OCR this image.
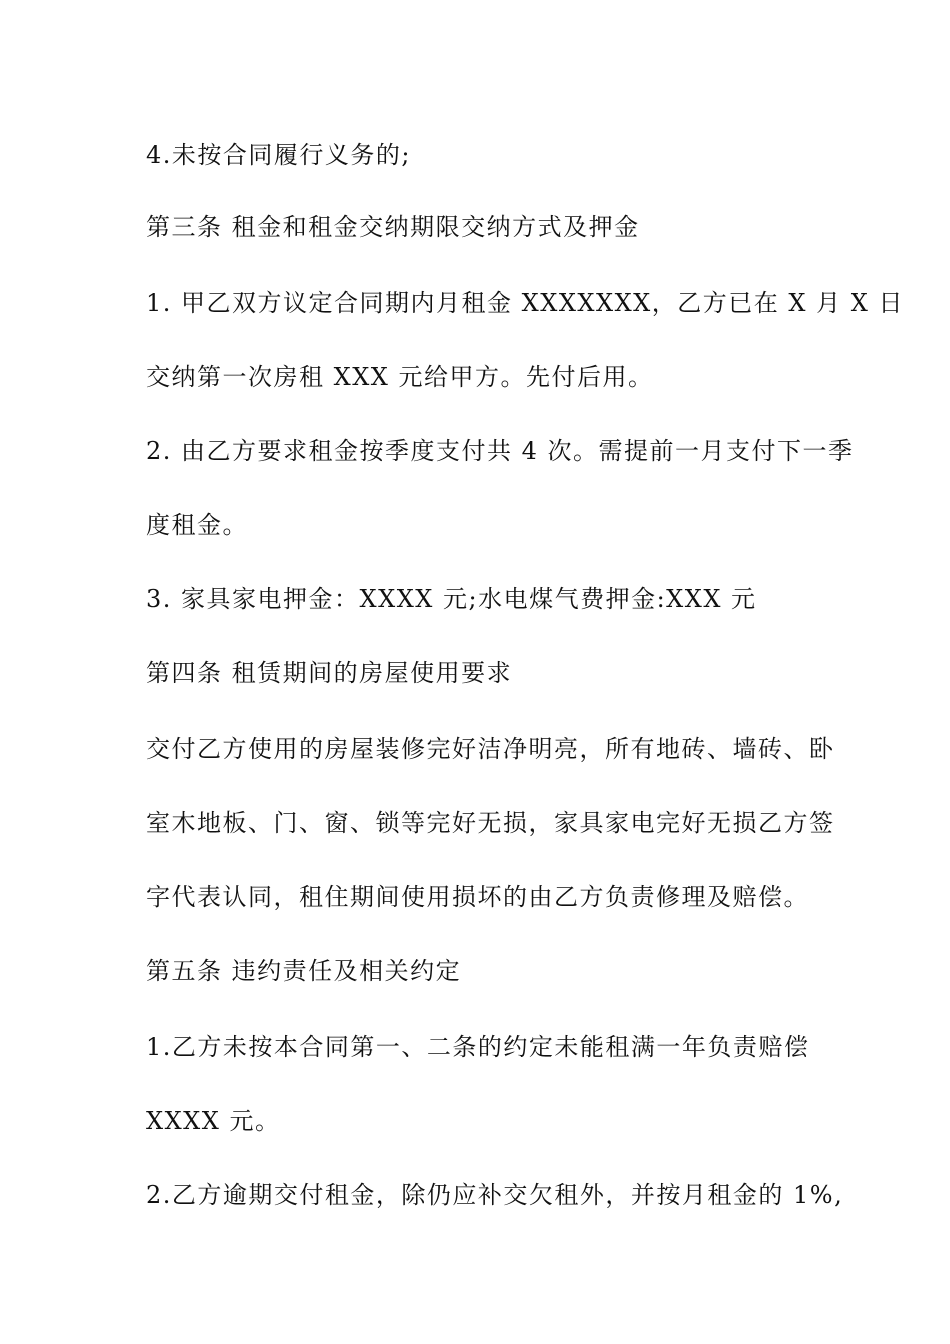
4.未按合同履行义务的;
第三条 租金和租金交纳期限交纳方式及押金
1. 甲乙双方议定合同期内月租金 XXXXXXX，乙方已在 X 月 X 日
交纳第一次房租 XXX 元给甲方。先付后用。
2. 由乙方要求租金按季度支付共 4 次。需提前一月支付下一季
度租金。
3. 家具家电押金：XXXX 元;水电煤气费押金:XXX 元
第四条 租赁期间的房屋使用要求
交付乙方使用的房屋装修完好洁净明亮，所有地砖、墙砖、卧
室木地板、门、窗、锁等完好无损，家具家电完好无损乙方签
字代表认同，租住期间使用损坏的由乙方负责修理及赔偿。
第五条 违约责任及相关约定
1.乙方未按本合同第一、二条的约定未能租满一年负责赔偿
XXXX 元。
2.乙方逾期交付租金，除仍应补交欠租外，并按月租金的 1%,
